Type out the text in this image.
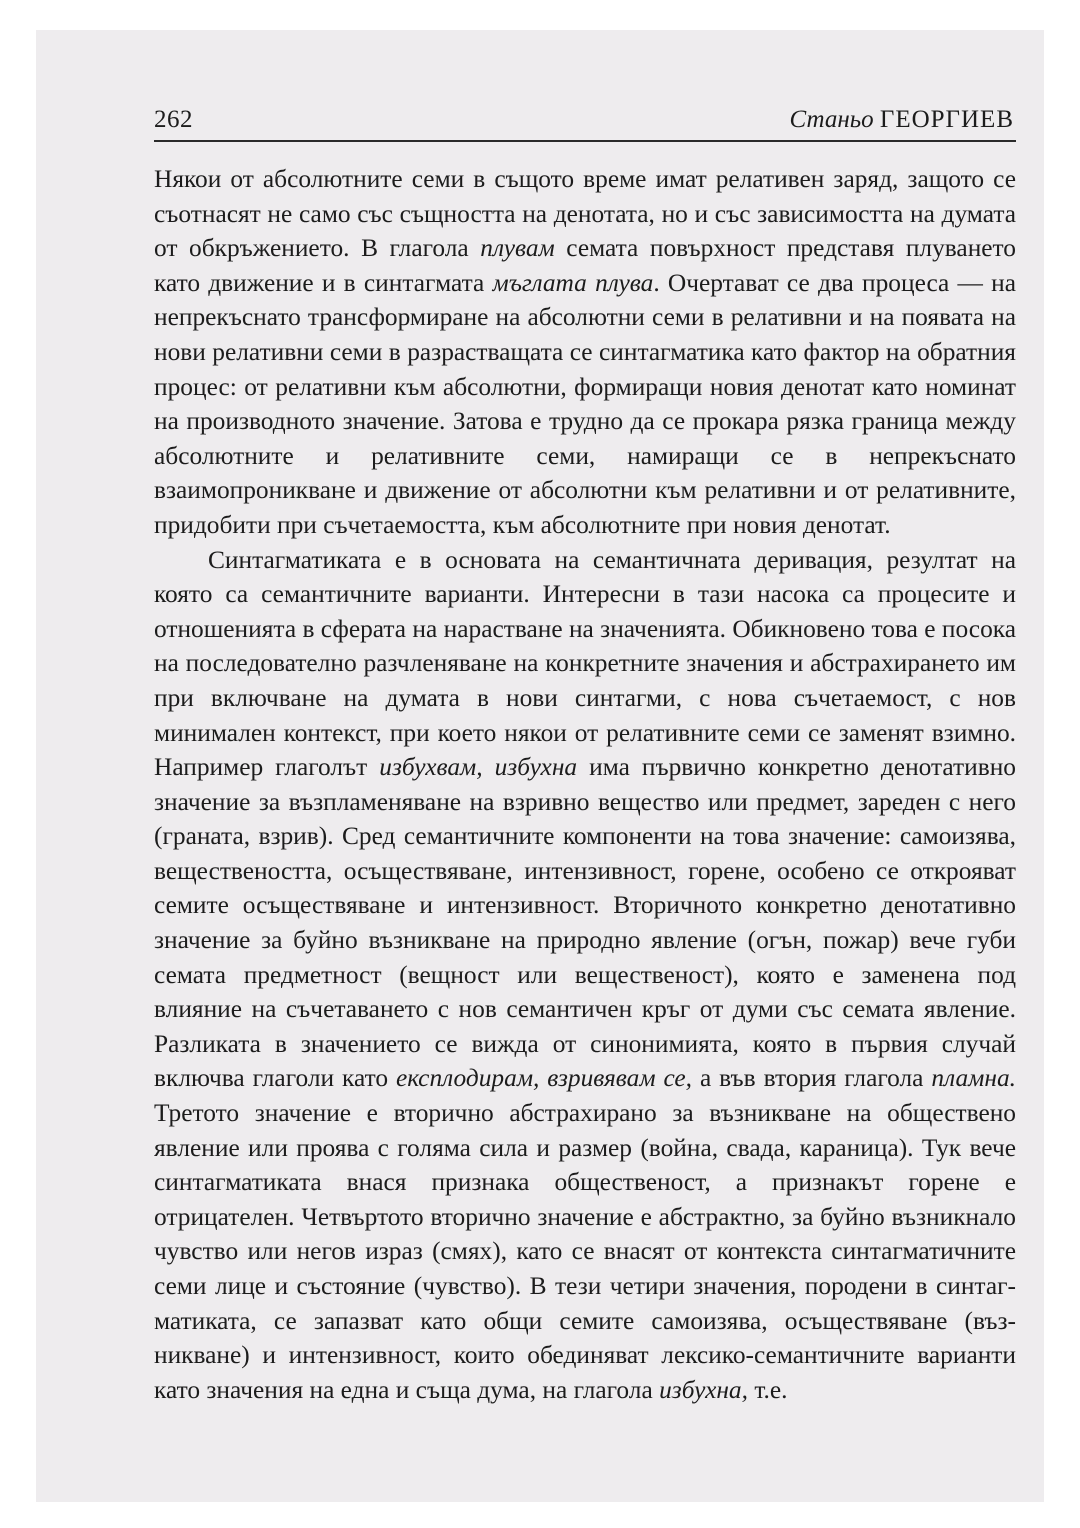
262	Станьо ГЕОРГИЕВ

Някои от абсолютните семи в същото време имат релативен заряд, защото се съотнасят не само със същността на денотата, но и със зависимостта на думата от обкръжението. В глагола плувам семата повърхност представя плуването като движение и в синтагмата мъглата плува. Очертават се два процеса — на непрекъснато трансформиране на абсолютни семи в релативни и на появата на нови релативни семи в разрастващата се синтагматика като фактор на обратния процес: от релативни към абсолютни, формиращи новия денотат като номинат на производното значение. Затова е трудно да се прокара рязка граница между абсолютните и релативните семи, намиращи се в непрекъснато взаимопроникване и движение от абсолютни към релативни и от релативните, придобити при съчетаемостта, към абсолютните при новия денотат.

Синтагматиката е в основата на семантичната деривация, резултат на която са семантичните варианти. Интересни в тази насока са процесите и отношенията в сферата на нарастване на значенията. Обикновено това е посока на последователно разчленяване на конкретните значения и абстрахирането им при включване на думата в нови синтагми, с нова съчетаемост, с нов минимален контекст, при което някои от релативните семи се заменят взимно. Например глаголът избухвам, избухна има първично конкретно денотативно значение за възпламеняване на взривно вещество или предмет, зареден с него (граната, взрив). Сред семантичните компоненти на това значение: самоизява, веществеността, осъществяване, интензивност, горене, особено се открояват семите осъществяване и интензивност. Вторичното конкретно денотативно значение за буйно възникване на природно явление (огън, пожар) вече губи семата предметност (вещност или вещественост), която е заменена под влияние на съчетаването с нов семантичен кръг от думи със семата явление. Разликата в значението се вижда от синонимията, която в първия случай включва глаголи като експлодирам, взривявам се, а във втория глагола пламна. Третото значение е вторично абстрахирано за възникване на обществено явление или проява с голяма сила и размер (война, свада, караница). Тук вече синтагматиката внася признака общественост, а признакът горене е отрицателен. Четвъртото вторично значение е абстрактно, за буйно възникнало чувство или негов израз (смях), като се внасят от контекста синтагматичните семи лице и състояние (чувство). В тези четири значения, породени в синтагматиката, се запазват като общи семите самоизява, осъществяване (възникване) и интензивност, които обединяват лексико-семантичните варианти като значения на една и съща дума, на глагола избухна, т.е.
